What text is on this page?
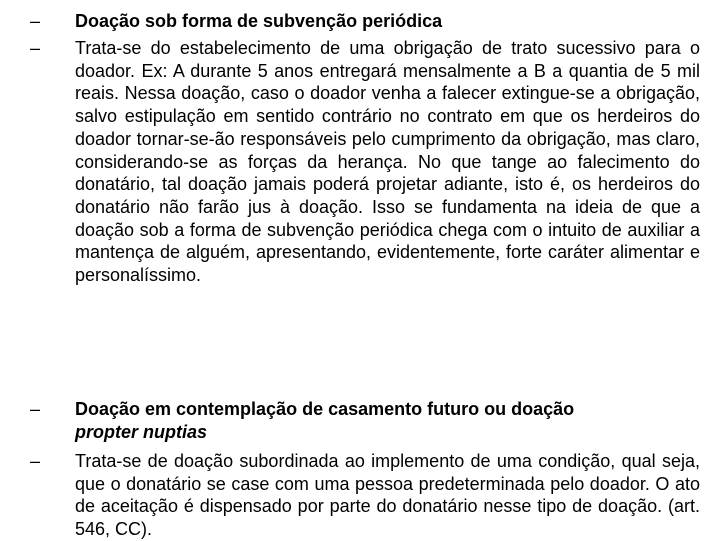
–	Doação sob forma de subvenção periódica
–	Trata-se do estabelecimento de uma obrigação de trato sucessivo para o doador. Ex: A durante 5 anos entregará mensalmente a B a quantia de 5 mil reais. Nessa doação, caso o doador venha a falecer extingue-se a obrigação, salvo estipulação em sentido contrário no contrato em que os herdeiros do doador tornar-se-ão responsáveis pelo cumprimento da obrigação, mas claro, considerando-se as forças da herança. No que tange ao falecimento do donatário, tal doação jamais poderá projetar adiante, isto é, os herdeiros do donatário não farão jus à doação. Isso se fundamenta na ideia de que a doação sob a forma de subvenção periódica chega com o intuito de auxiliar a mantença de alguém, apresentando, evidentemente, forte caráter alimentar e personalíssimo.
–	Doação em contemplação de casamento futuro ou doação
propter nuptias
–	Trata-se de doação subordinada ao implemento de uma condição, qual seja, que o donatário se case com uma pessoa predeterminada pelo doador. O ato de aceitação é dispensado por parte do donatário nesse tipo de doação. (art. 546, CC).
